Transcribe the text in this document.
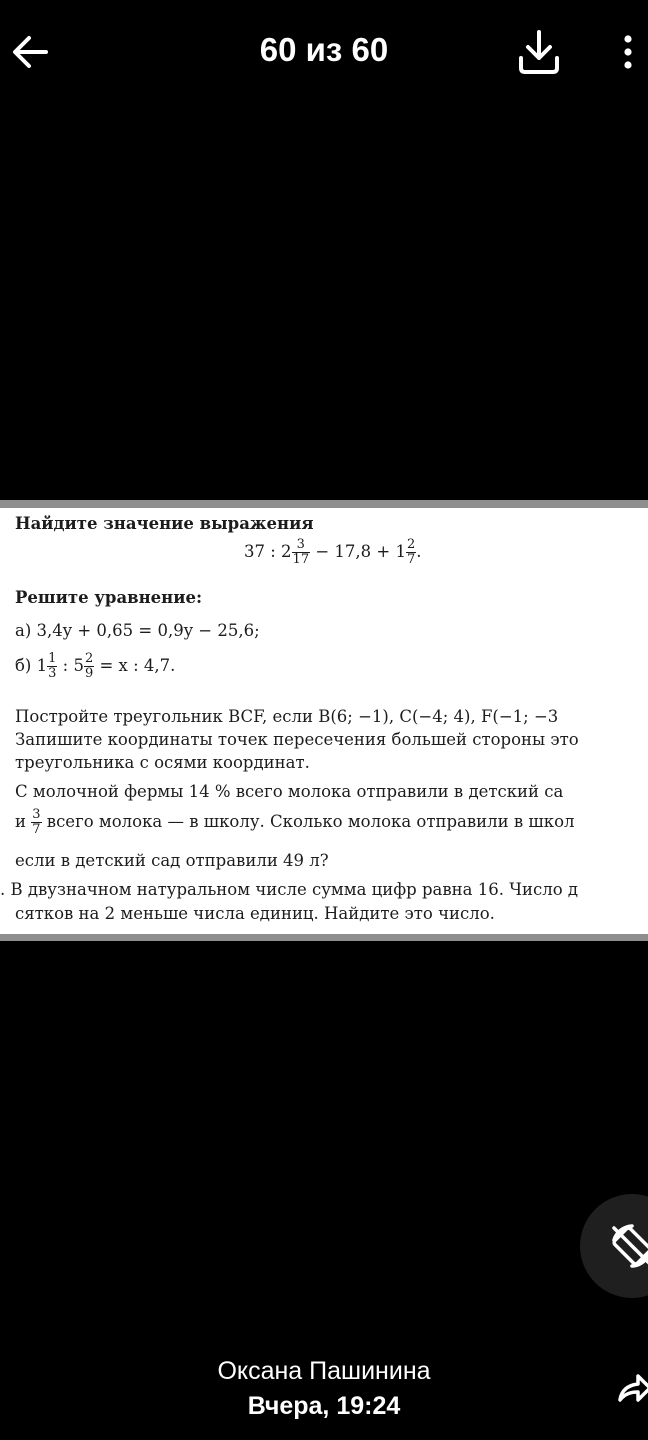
60 из 60
Найдите значение выражения
37 : $2 \frac{3}{17} - 17,8 + 1 \frac{2}{7}$ .
Решите уравнение:
а) 3,4y + 0,65 = 0,9y − 25,6;
б) $1 \frac{1}{3}$ : $5 \frac{2}{9} = x$ : 4,7.
Постройте треугольник BCF, если B(6; −1), C(−4; 4), F(−1; −3
Запишите координаты точек пересечения большей стороны это
треугольника с осями координат.
С молочной фермы 14 % всего молока отправили в детский са
и $\frac{3}{7}$ всего молока — в школу. Сколько молока отправили в школ
если в детский сад отправили 49 л?
. В двузначном натуральном числе сумма цифр равна 16. Число д
сятков на 2 меньше числа единиц. Найдите это число.
Оксана Пашинина
Вчера, 19:24
